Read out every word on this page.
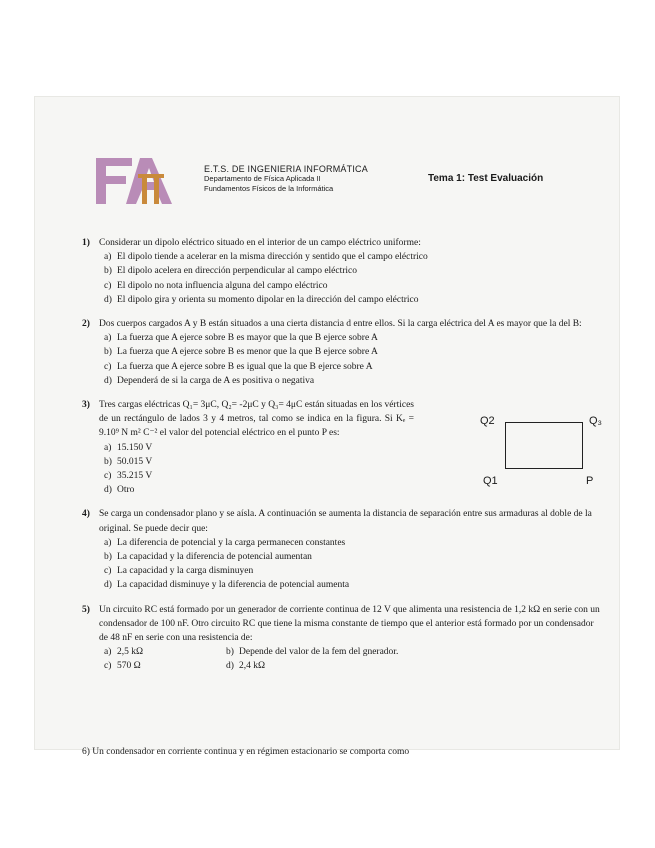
E.T.S. DE INGENIERIA INFORMÁTICA
Departamento de Física Aplicada II
Fundamentos Físicos de la Informática
Tema 1: Test Evaluación
1) Considerar un dipolo eléctrico situado en el interior de un campo eléctrico uniforme:
a) El dipolo tiende a acelerar en la misma dirección y sentido que el campo eléctrico
b) El dipolo acelera en dirección perpendicular al campo eléctrico
c) El dipolo no nota influencia alguna del campo eléctrico
d) El dipolo gira y orienta su momento dipolar en la dirección del campo eléctrico
2) Dos cuerpos cargados A y B están situados a una cierta distancia d entre ellos. Si la carga eléctrica del A es mayor que la del B:
a) La fuerza que A ejerce sobre B es mayor que la que B ejerce sobre A
b) La fuerza que A ejerce sobre B es menor que la que B ejerce sobre A
c) La fuerza que A ejerce sobre B es igual que la que B ejerce sobre A
d) Dependerá de si la carga de A es positiva o negativa
3) Tres cargas eléctricas Q₁= 3μC, Q₂= -2μC y Q₃= 4μC están situadas en los vértices de un rectángulo de lados 3 y 4 metros, tal como se indica en la figura. Si Kₑ = 9.10⁹ N m² C⁻² el valor del potencial eléctrico en el punto P es:
a) 15.150 V
b) 50.015 V
c) 35.215 V
d) Otro
Q2	Q₃
Q1	P
4) Se carga un condensador plano y se aísla. A continuación se aumenta la distancia de separación entre sus armaduras al doble de la original. Se puede decir que:
a) La diferencia de potencial y la carga permanecen constantes
b) La capacidad y la diferencia de potencial aumentan
c) La capacidad y la carga disminuyen
d) La capacidad disminuye y la diferencia de potencial aumenta
5) Un circuito RC está formado por un generador de corriente continua de 12 V que alimenta una resistencia de 1,2 kΩ en serie con un condensador de 100 nF. Otro circuito RC que tiene la misma constante de tiempo que el anterior está formado por un condensador de 48 nF en serie con una resistencia de:
a) 2,5 kΩ	b) Depende del valor de la fem del gnerador.
c) 570 Ω	d) 2,4 kΩ
6) Un condensador en corriente continua y en régimen estacionario se comporta como
